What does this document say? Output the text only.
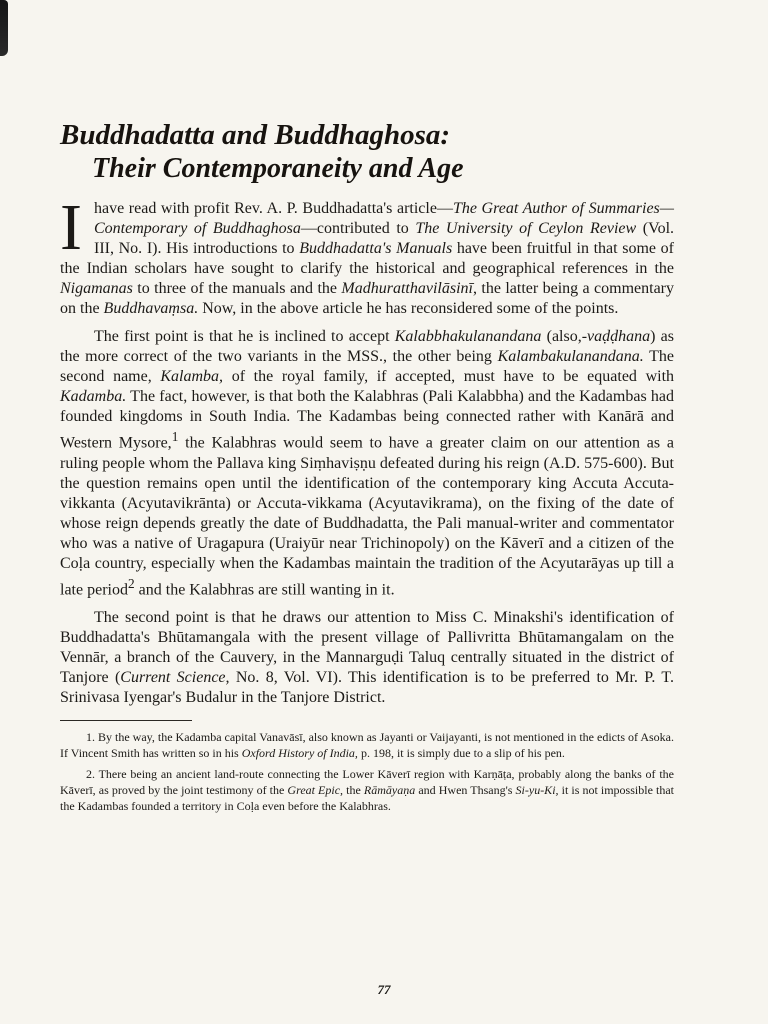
Buddhadatta and Buddhaghosa:
Their Contemporaneity and Age

I have read with profit Rev. A. P. Buddhadatta's article—The Great Author of Summaries—Contemporary of Buddhaghosa—contributed to The University of Ceylon Review (Vol. III, No. I). His introductions to Buddhadatta's Manuals have been fruitful in that some of the Indian scholars have sought to clarify the historical and geographical references in the Nigamanas to three of the manuals and the Madhuratthavilāsinī, the latter being a commentary on the Buddhavaṃsa. Now, in the above article he has reconsidered some of the points.

The first point is that he is inclined to accept Kalabbhakulanandana (also,-vaḍḍhana) as the more correct of the two variants in the MSS., the other being Kalambakulanandana. The second name, Kalamba, of the royal family, if accepted, must have to be equated with Kadamba. The fact, however, is that both the Kalabhras (Pali Kalabbha) and the Kadambas had founded kingdoms in South India. The Kadambas being connected rather with Kanārā and Western Mysore,$^1$ the Kalabhras would seem to have a greater claim on our attention as a ruling people whom the Pallava king Siṃhaviṣṇu defeated during his reign (A.D. 575-600). But the question remains open until the identification of the contemporary king Accuta Accuta-vikkanta (Acyutavikrānta) or Accuta-vikkama (Acyutavikrama), on the fixing of the date of whose reign depends greatly the date of Buddhadatta, the Pali manual-writer and commentator who was a native of Uragapura (Uraiyūr near Trichinopoly) on the Kāverī and a citizen of the Coḷa country, especially when the Kadambas maintain the tradition of the Acyutarāyas up till a late period$^2$ and the Kalabhras are still wanting in it.

The second point is that he draws our attention to Miss C. Minakshi's identification of Buddhadatta's Bhūtamangala with the present village of Pallivritta Bhūtamangalam on the Vennār, a branch of the Cauvery, in the Mannarguḍi Taluq centrally situated in the district of Tanjore (Current Science, No. 8, Vol. VI). This identification is to be preferred to Mr. P. T. Srinivasa Iyengar's Budalur in the Tanjore District.

1. By the way, the Kadamba capital Vanavāsī, also known as Jayanti or Vaijayanti, is not mentioned in the edicts of Asoka. If Vincent Smith has written so in his Oxford History of India, p. 198, it is simply due to a slip of his pen.

2. There being an ancient land-route connecting the Lower Kāverī region with Karṇāṭa, probably along the banks of the Kāverī, as proved by the joint testimony of the Great Epic, the Rāmāyaṇa and Hwen Thsang's Si-yu-Ki, it is not impossible that the Kadambas founded a territory in Coḷa even before the Kalabhras.

77
